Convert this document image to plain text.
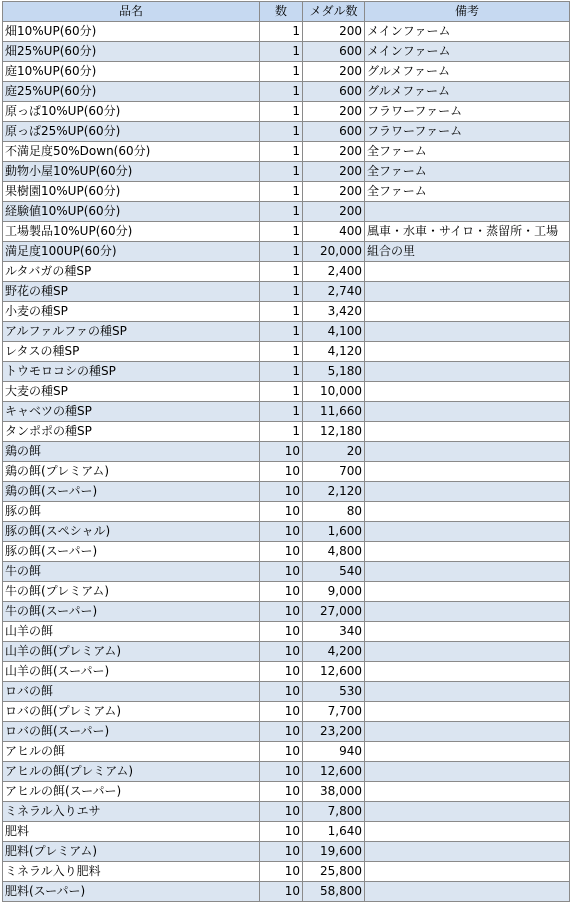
品名	数	メダル数	備考
畑10%UP(60分)	1	200	メインファーム
畑25%UP(60分)	1	600	メインファーム
庭10%UP(60分)	1	200	グルメファーム
庭25%UP(60分)	1	600	グルメファーム
原っぱ10%UP(60分)	1	200	フラワーファーム
原っぱ25%UP(60分)	1	600	フラワーファーム
不満足度50%Down(60分)	1	200	全ファーム
動物小屋10%UP(60分)	1	200	全ファーム
果樹園10%UP(60分)	1	200	全ファーム
経験値10%UP(60分)	1	200	
工場製品10%UP(60分)	1	400	風車・水車・サイロ・蒸留所・工場
満足度100UP(60分)	1	20,000	組合の里
ルタバガの種SP	1	2,400	
野花の種SP	1	2,740	
小麦の種SP	1	3,420	
アルファルファの種SP	1	4,100	
レタスの種SP	1	4,120	
トウモロコシの種SP	1	5,180	
大麦の種SP	1	10,000	
キャベツの種SP	1	11,660	
タンポポの種SP	1	12,180	
鶏の餌	10	20	
鶏の餌(プレミアム)	10	700	
鶏の餌(スーパー)	10	2,120	
豚の餌	10	80	
豚の餌(スペシャル)	10	1,600	
豚の餌(スーパー)	10	4,800	
牛の餌	10	540	
牛の餌(プレミアム)	10	9,000	
牛の餌(スーパー)	10	27,000	
山羊の餌	10	340	
山羊の餌(プレミアム)	10	4,200	
山羊の餌(スーパー)	10	12,600	
ロバの餌	10	530	
ロバの餌(プレミアム)	10	7,700	
ロバの餌(スーパー)	10	23,200	
アヒルの餌	10	940	
アヒルの餌(プレミアム)	10	12,600	
アヒルの餌(スーパー)	10	38,000	
ミネラル入りエサ	10	7,800	
肥料	10	1,640	
肥料(プレミアム)	10	19,600	
ミネラル入り肥料	10	25,800	
肥料(スーパー)	10	58,800	
